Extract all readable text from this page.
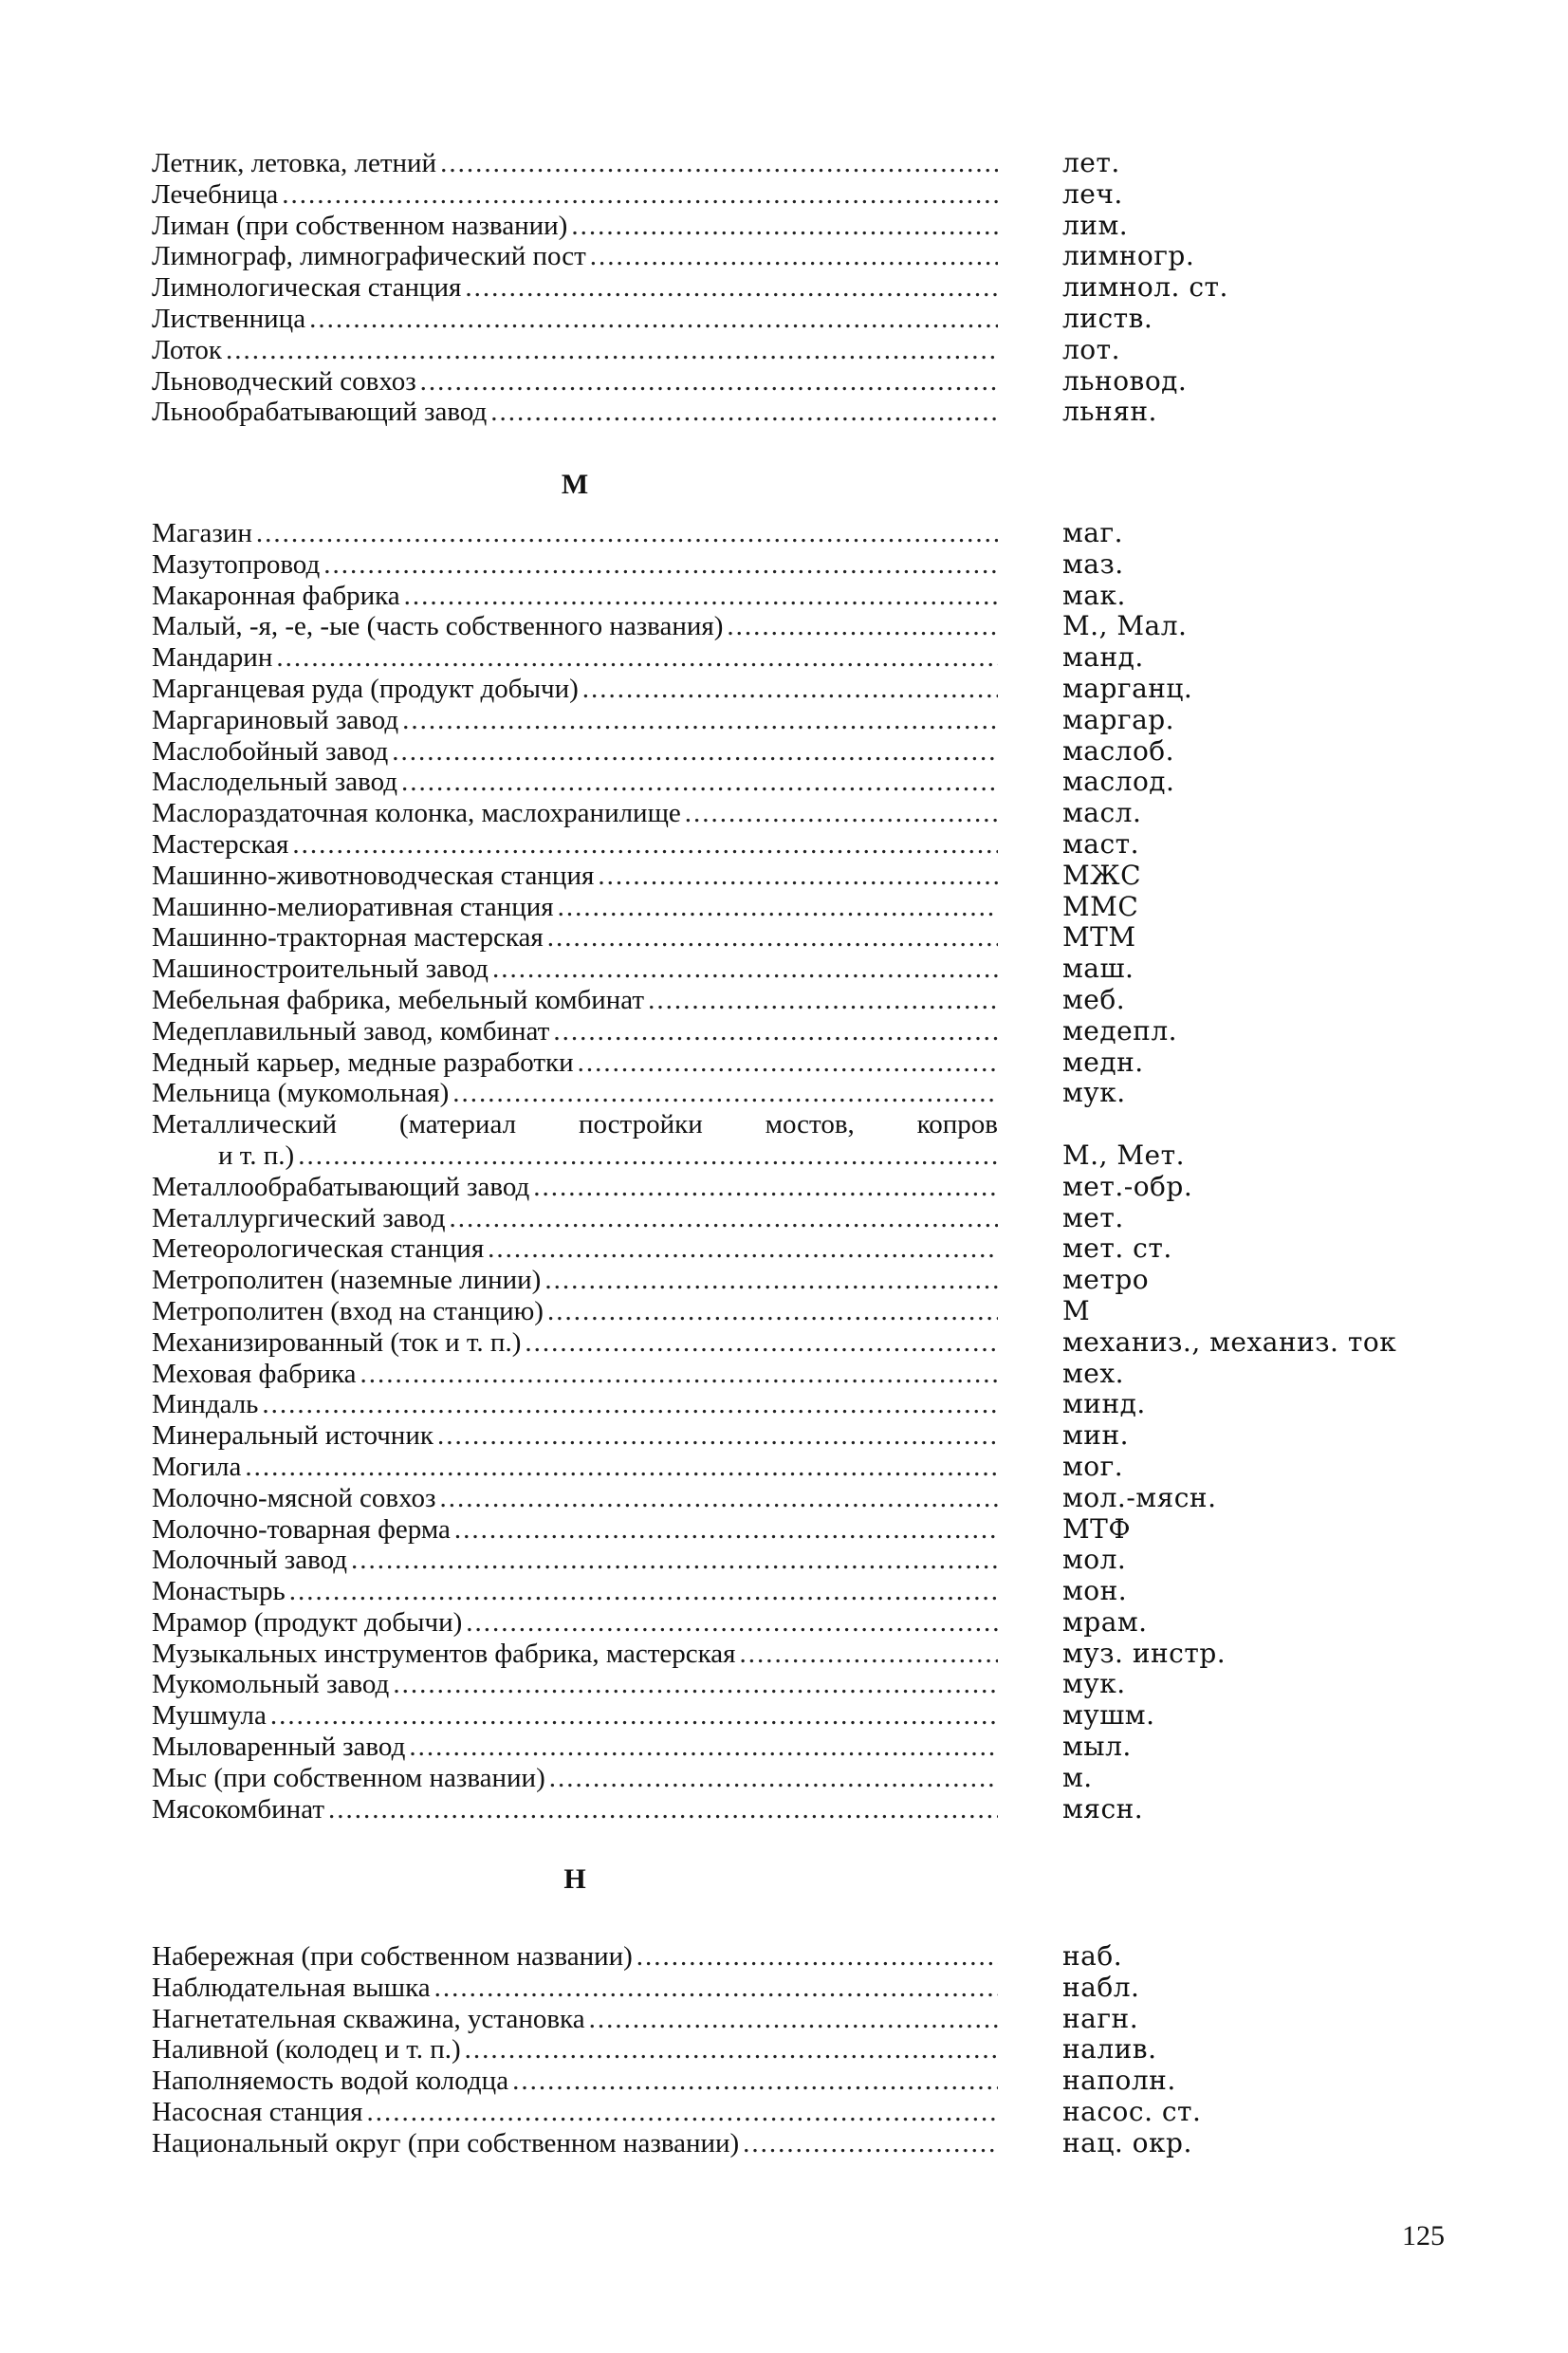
Летник, летовка, летний .....	лет.
Лечебница .....	леч.
Лиман (при собственном названии) .....	лим.
Лимнограф, лимнографический пост .....	лимногр.
Лимнологическая станция .....	лимнол. ст.
Лиственница .....	листв.
Лоток .....	лот.
Льноводческий совхоз .....	льновод.
Льнообрабатывающий завод .....	льнян.
М
Магазин .....	маг.
Мазутопровод .....	маз.
Макаронная фабрика .....	мак.
Малый, -я, -е, -ые (часть собственного названия) .....	М., Мал.
Мандарин .....	манд.
Марганцевая руда (продукт добычи) .....	марганц.
Маргариновый завод .....	маргар.
Маслобойный завод .....	маслоб.
Маслодельный завод .....	маслод.
Маслораздаточная колонка, маслохранилище .....	масл.
Мастерская .....	маст.
Машинно-животноводческая станция .....	МЖС
Машинно-мелиоративная станция .....	ММС
Машинно-тракторная мастерская .....	МТМ
Машиностроительный завод .....	маш.
Мебельная фабрика, мебельный комбинат .....	меб.
Медеплавильный завод, комбинат .....	медепл.
Медный карьер, медные разработки .....	медн.
Мельница (мукомольная) .....	мук.
Металлический (материал постройки мостов, копров
и т. п.) .....	М., Мет.
Металлообрабатывающий завод .....	мет.-обр.
Металлургический завод .....	мет.
Метеорологическая станция .....	мет. ст.
Метрополитен (наземные линии) .....	метро
Метрополитен (вход на станцию) .....	М
Механизированный (ток и т. п.) .....	механиз., механиз. ток
Меховая фабрика .....	мех.
Миндаль .....	минд.
Минеральный источник .....	мин.
Могила .....	мог.
Молочно-мясной совхоз .....	мол.-мясн.
Молочно-товарная ферма .....	МТФ
Молочный завод .....	мол.
Монастырь .....	мон.
Мрамор (продукт добычи) .....	мрам.
Музыкальных инструментов фабрика, мастерская .....	муз. инстр.
Мукомольный завод .....	мук.
Мушмула .....	мушм.
Мыловаренный завод .....	мыл.
Мыс (при собственном названии) .....	м.
Мясокомбинат .....	мясн.
Н
Набережная (при собственном названии) .....	наб.
Наблюдательная вышка .....	набл.
Нагнетательная скважина, установка .....	нагн.
Наливной (колодец и т. п.) .....	налив.
Наполняемость водой колодца .....	наполн.
Насосная станция .....	насос. ст.
Национальный округ (при собственном названии) .....	нац. окр.
125
